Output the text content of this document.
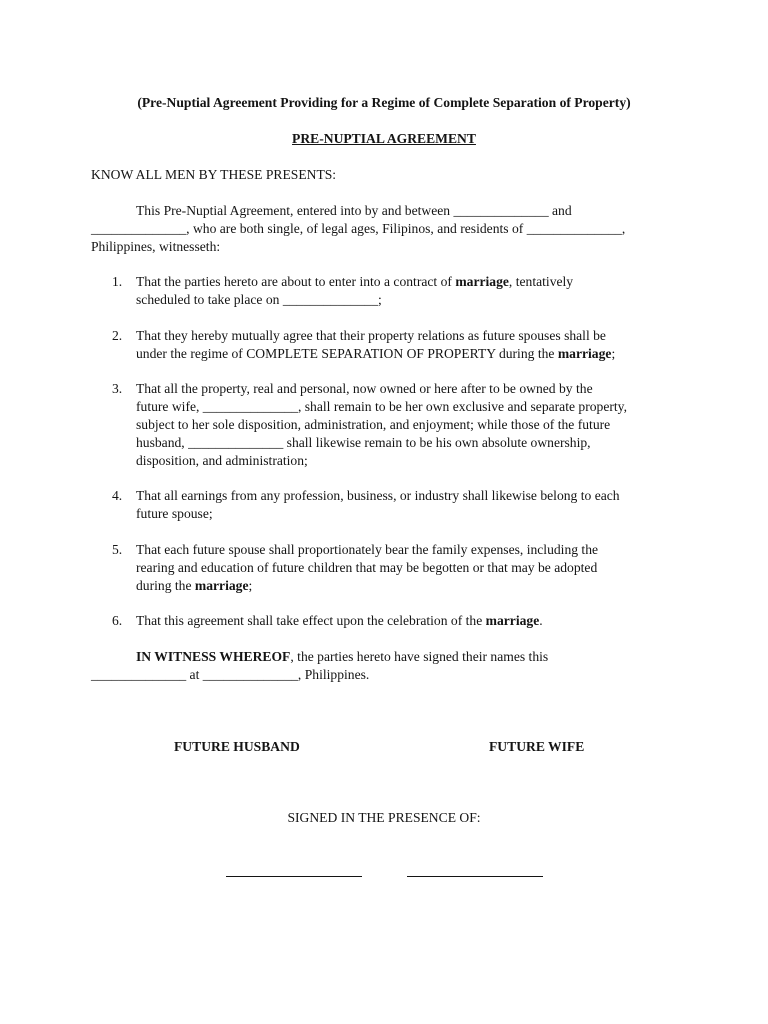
(Pre-Nuptial Agreement Providing for a Regime of Complete Separation of Property)
PRE-NUPTIAL AGREEMENT
KNOW ALL MEN BY THESE PRESENTS:
This Pre-Nuptial Agreement, entered into by and between ______________ and
______________, who are both single, of legal ages, Filipinos, and residents of ______________,
Philippines, witnesseth:
1. That the parties hereto are about to enter into a contract of marriage, tentatively
scheduled to take place on ______________;
2. That they hereby mutually agree that their property relations as future spouses shall be
under the regime of COMPLETE SEPARATION OF PROPERTY during the marriage;
3. That all the property, real and personal, now owned or here after to be owned by the
future wife, ______________, shall remain to be her own exclusive and separate property,
subject to her sole disposition, administration, and enjoyment; while those of the future
husband, ______________ shall likewise remain to be his own absolute ownership,
disposition, and administration;
4. That all earnings from any profession, business, or industry shall likewise belong to each
future spouse;
5. That each future spouse shall proportionately bear the family expenses, including the
rearing and education of future children that may be begotten or that may be adopted
during the marriage;
6. That this agreement shall take effect upon the celebration of the marriage.
IN WITNESS WHEREOF, the parties hereto have signed their names this
______________ at ______________, Philippines.
FUTURE HUSBAND	FUTURE WIFE
SIGNED IN THE PRESENCE OF:
